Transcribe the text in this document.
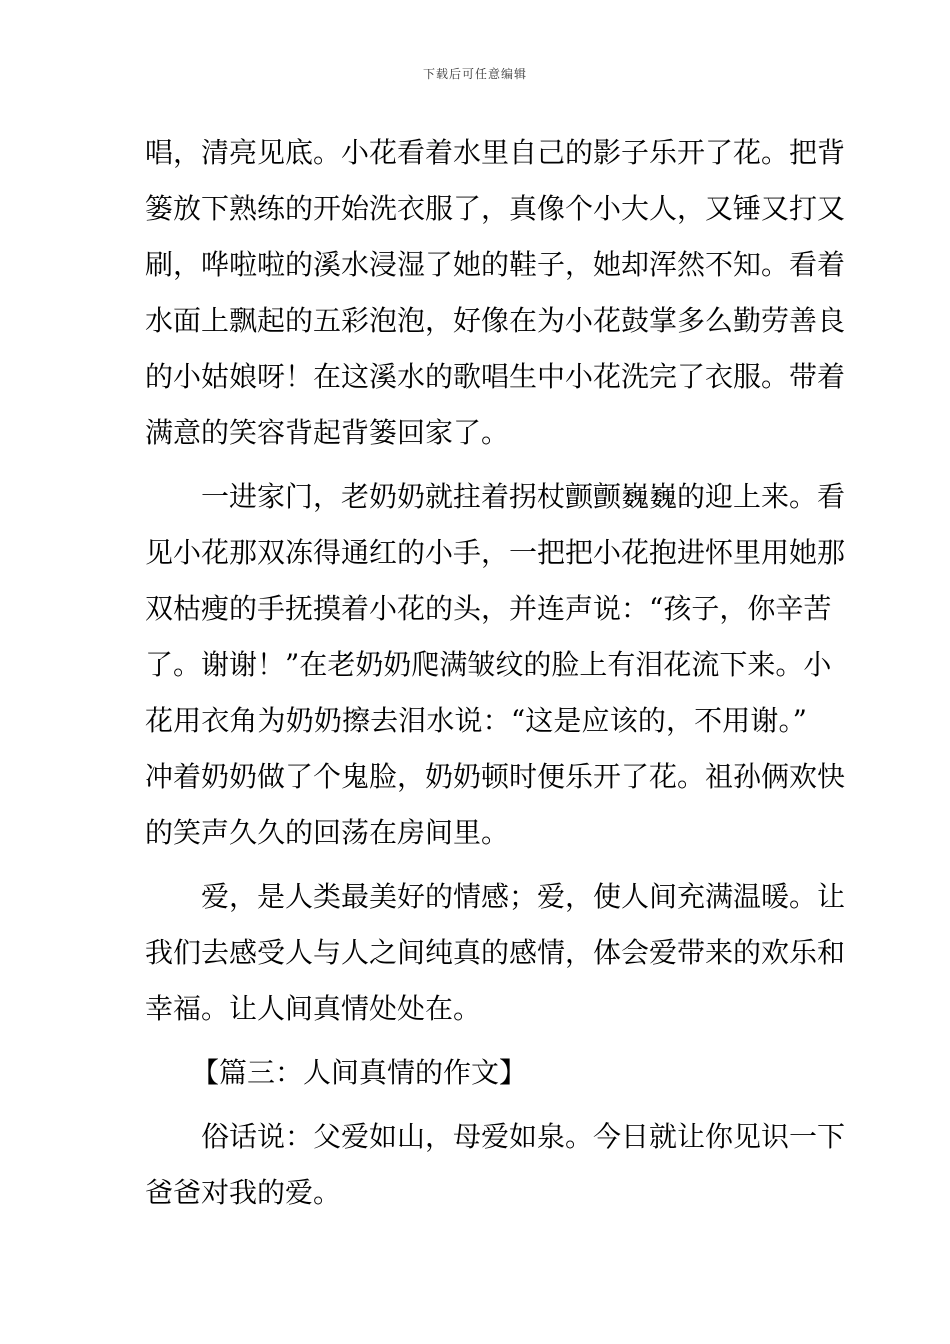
下载后可任意编辑
唱，清亮见底。小花看着水里自己的影子乐开了花。把背
篓放下熟练的开始洗衣服了，真像个小大人，又锤又打又
刷，哗啦啦的溪水浸湿了她的鞋子，她却浑然不知。看着
水面上飘起的五彩泡泡，好像在为小花鼓掌多么勤劳善良
的小姑娘呀！在这溪水的歌唱生中小花洗完了衣服。带着
满意的笑容背起背篓回家了。
一进家门，老奶奶就拄着拐杖颤颤巍巍的迎上来。看
见小花那双冻得通红的小手，一把把小花抱进怀里用她那
双枯瘦的手抚摸着小花的头，并连声说：“孩子，你辛苦
了。谢谢！”在老奶奶爬满皱纹的脸上有泪花流下来。小
花用衣角为奶奶擦去泪水说：“这是应该的，不用谢。”
冲着奶奶做了个鬼脸，奶奶顿时便乐开了花。祖孙俩欢快
的笑声久久的回荡在房间里。
爱，是人类最美好的情感；爱，使人间充满温暖。让
我们去感受人与人之间纯真的感情，体会爱带来的欢乐和
幸福。让人间真情处处在。
【篇三：人间真情的作文】
俗话说：父爱如山，母爱如泉。今日就让你见识一下
爸爸对我的爱。
